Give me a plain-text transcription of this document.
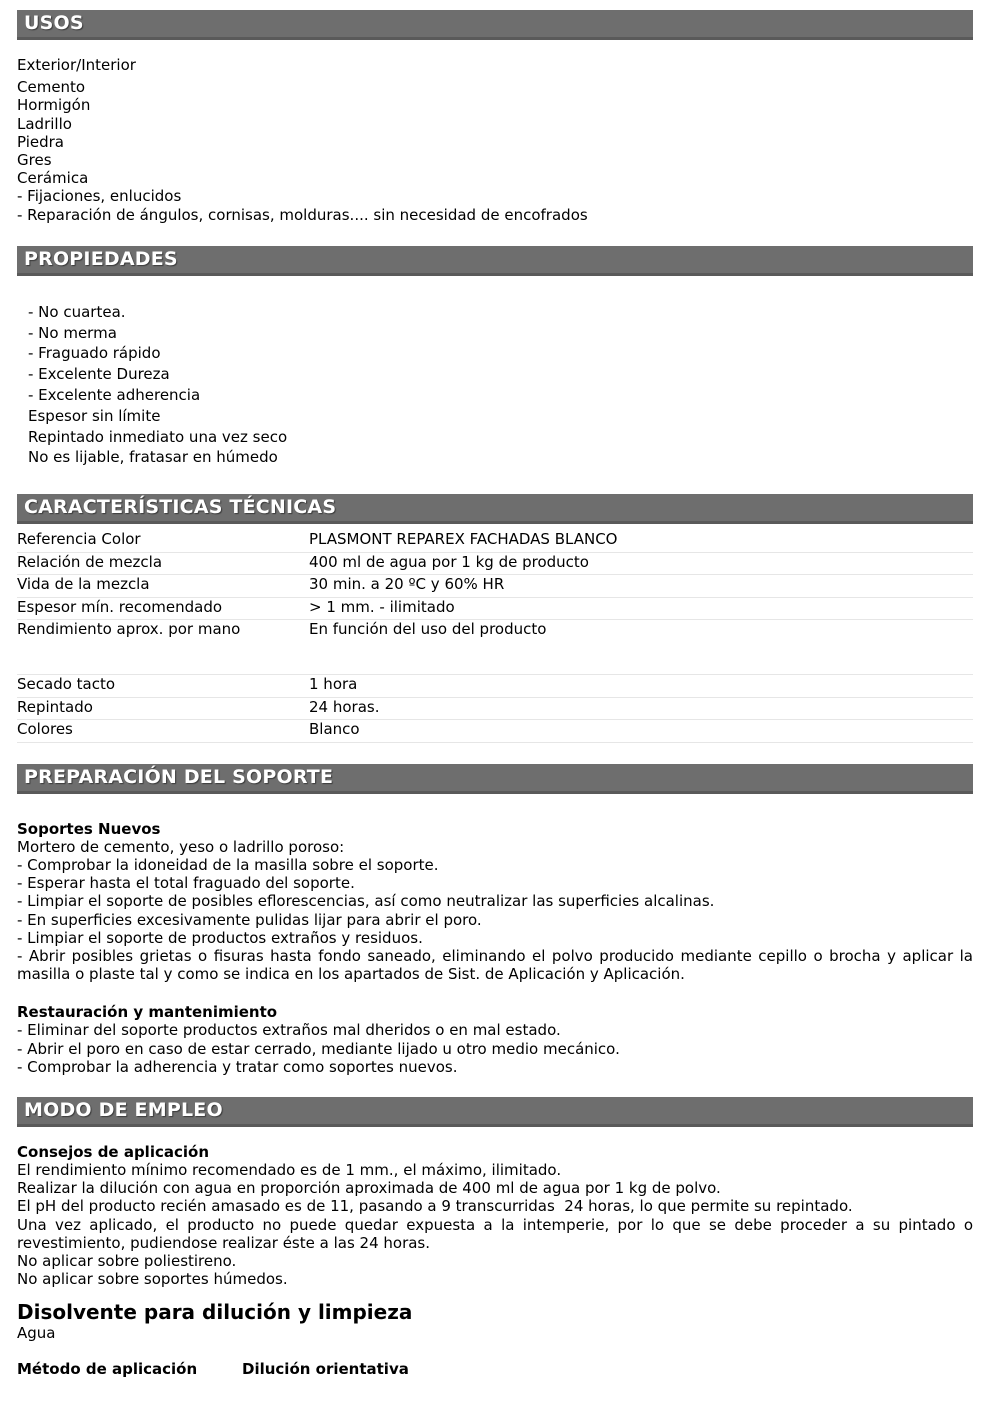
USOS
Exterior/Interior
Cemento
Hormigón
Ladrillo
Piedra
Gres
Cerámica
- Fijaciones, enlucidos
- Reparación de ángulos, cornisas, molduras.... sin necesidad de encofrados
PROPIEDADES
- No cuartea.
- No merma
- Fraguado rápido
- Excelente Dureza
- Excelente adherencia
Espesor sin límite
Repintado inmediato una vez seco
No es lijable, fratasar en húmedo
CARACTERÍSTICAS TÉCNICAS
Referencia Color	PLASMONT REPAREX FACHADAS BLANCO
Relación de mezcla	400 ml de agua por 1 kg de producto
Vida de la mezcla	30 min. a 20 ºC y 60% HR
Espesor mín. recomendado	> 1 mm. - ilimitado
Rendimiento aprox. por mano	En función del uso del producto
Secado tacto	1 hora
Repintado	24 horas.
Colores	Blanco
PREPARACIÓN DEL SOPORTE
Soportes Nuevos
Mortero de cemento, yeso o ladrillo poroso:
- Comprobar la idoneidad de la masilla sobre el soporte.
- Esperar hasta el total fraguado del soporte.
- Limpiar el soporte de posibles eflorescencias, así como neutralizar las superficies alcalinas.
- En superficies excesivamente pulidas lijar para abrir el poro.
- Limpiar el soporte de productos extraños y residuos.
- Abrir posibles grietas o fisuras hasta fondo saneado, eliminando el polvo producido mediante cepillo o brocha y aplicar la masilla o plaste tal y como se indica en los apartados de Sist. de Aplicación y Aplicación.
Restauración y mantenimiento
- Eliminar del soporte productos extraños mal dheridos o en mal estado.
- Abrir el poro en caso de estar cerrado, mediante lijado u otro medio mecánico.
- Comprobar la adherencia y tratar como soportes nuevos.
MODO DE EMPLEO
Consejos de aplicación
El rendimiento mínimo recomendado es de 1 mm., el máximo, ilimitado.
Realizar la dilución con agua en proporción aproximada de 400 ml de agua por 1 kg de polvo.
El pH del producto recién amasado es de 11, pasando a 9 transcurridas  24 horas, lo que permite su repintado.
Una vez aplicado, el producto no puede quedar expuesta a la intemperie, por lo que se debe proceder a su pintado o revestimiento, pudiendose realizar éste a las 24 horas.
No aplicar sobre poliestireno.
No aplicar sobre soportes húmedos.
Disolvente para dilución y limpieza
Agua
Método de aplicación	Dilución orientativa
